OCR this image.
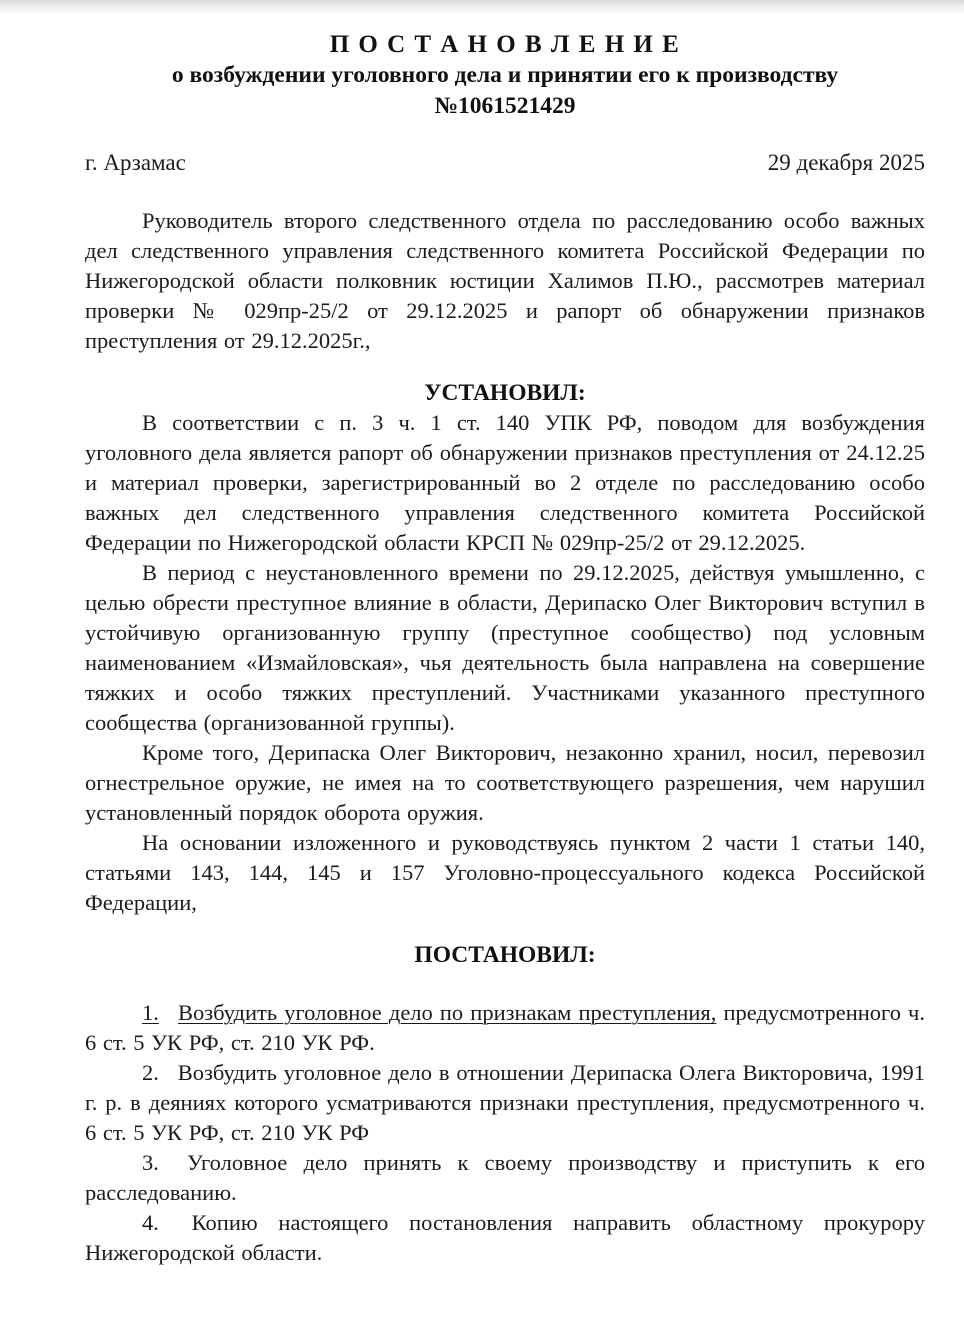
П О С Т А Н О В Л Е Н И Е
о возбуждении уголовного дела и принятии его к производству
№1061521429
г. Арзамас	29 декабря 2025

Руководитель второго следственного отдела по расследованию особо важных дел следственного управления следственного комитета Российской Федерации по Нижегородской области полковник юстиции Халимов П.Ю., рассмотрев материал проверки № 029пр-25/2 от 29.12.2025 и рапорт об обнаружении признаков преступления от 29.12.2025г.,

УСТАНОВИЛ:

В соответствии с п. 3 ч. 1 ст. 140 УПК РФ, поводом для возбуждения уголовного дела является рапорт об обнаружении признаков преступления от 24.12.25 и материал проверки, зарегистрированный во 2 отделе по расследованию особо важных дел следственного управления следственного комитета Российской Федерации по Нижегородской области КРСП № 029пр-25/2 от 29.12.2025.

В период с неустановленного времени по 29.12.2025, действуя умышленно, с целью обрести преступное влияние в области, Дерипаско Олег Викторович вступил в устойчивую организованную группу (преступное сообщество) под условным наименованием «Измайловская», чья деятельность была направлена на совершение тяжких и особо тяжких преступлений. Участниками указанного преступного сообщества (организованной группы).

Кроме того, Дерипаска Олег Викторович, незаконно хранил, носил, перевозил огнестрельное оружие, не имея на то соответствующего разрешения, чем нарушил установленный порядок оборота оружия.

На основании изложенного и руководствуясь пунктом 2 части 1 статьи 140, статьями 143, 144, 145 и 157 Уголовно-процессуального кодекса Российской Федерации,

ПОСТАНОВИЛ:

1. Возбудить уголовное дело по признакам преступления, предусмотренного ч. 6 ст. 5 УК РФ, ст. 210 УК РФ.

2. Возбудить уголовное дело в отношении Дерипаска Олега Викторовича, 1991 г. р. в деяниях которого усматриваются признаки преступления, предусмотренного ч. 6 ст. 5 УК РФ, ст. 210 УК РФ

3. Уголовное дело принять к своему производству и приступить к его расследованию.

4. Копию настоящего постановления направить областному прокурору Нижегородской области.
